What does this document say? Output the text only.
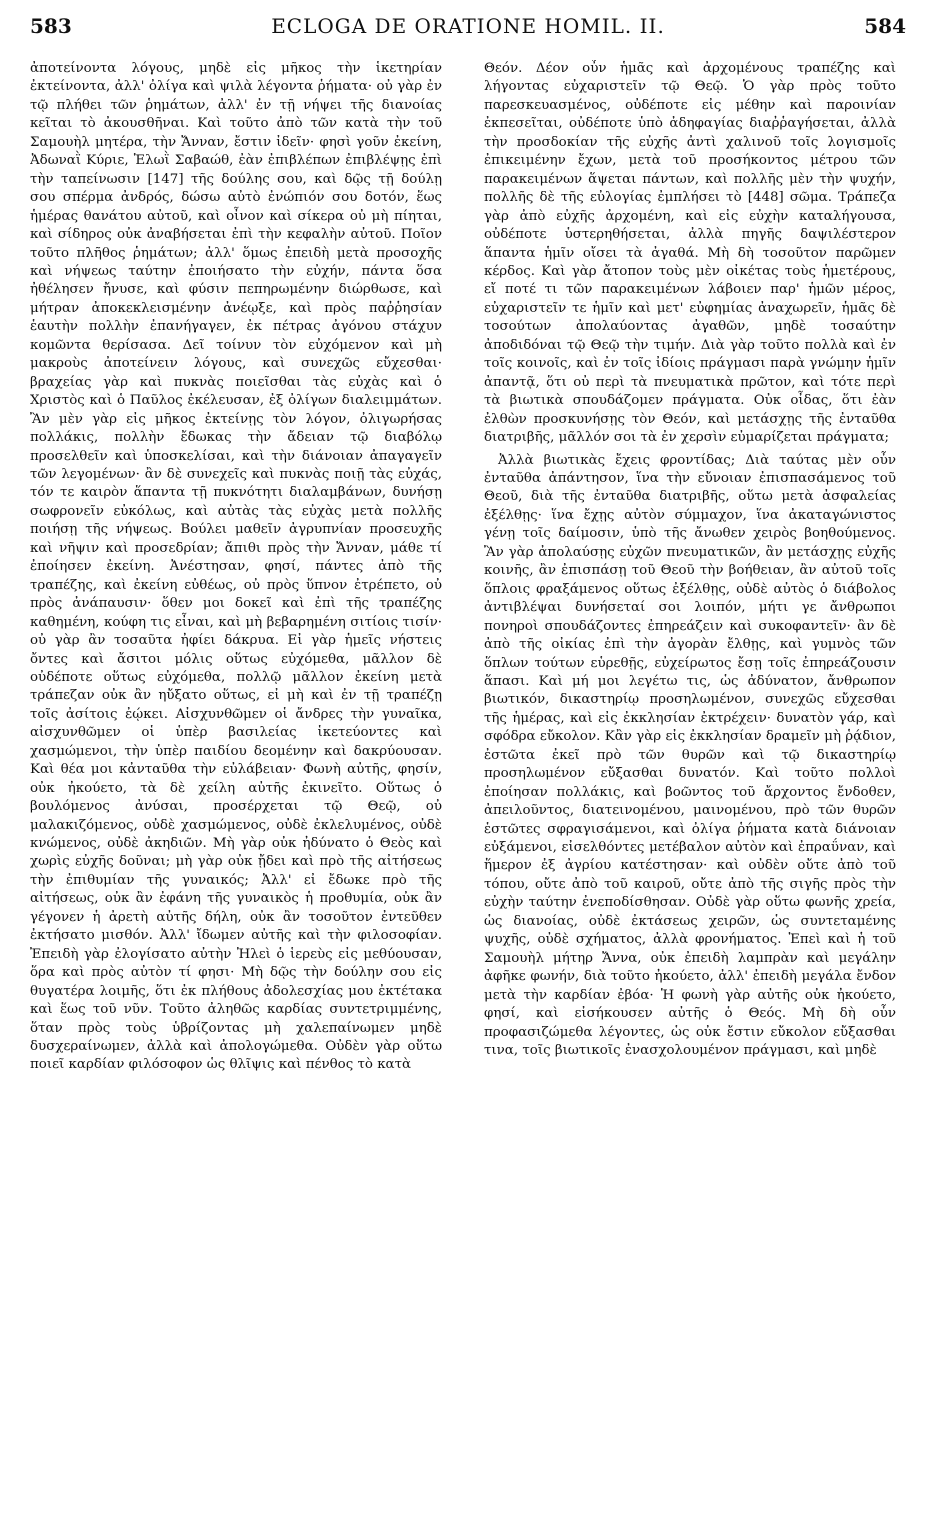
583	ECLOGA DE ORATIONE HOMIL. II.	584

ἀποτείνοντα λόγους, μηδὲ εἰς μῆκος τὴν ἱκετηρίαν ἐκτείνοντα, ἀλλ' ὀλίγα καὶ ψιλὰ λέγοντα ῥήματα· οὐ γὰρ ἐν τῷ πλήθει τῶν ῥημάτων, ἀλλ' ἐν τῇ νήψει τῆς διανοίας κεῖται τὸ ἀκουσθῆναι. Καὶ τοῦτο ἀπὸ τῶν κατὰ τὴν τοῦ Σαμουὴλ μητέρα, τὴν Ἄνναν, ἔστιν ἰδεῖν· φησὶ γοῦν ἐκείνη, Ἀδωναῒ Κύριε, Ἐλωῒ Σαβαώθ, ἐὰν ἐπιβλέπων ἐπιβλέψῃς ἐπὶ τὴν ταπείνωσιν [147] τῆς δούλης σου, καὶ δῷς τῇ δούλῃ σου σπέρμα ἀνδρός, δώσω αὐτὸ ἐνώπιόν σου δοτόν, ἕως ἡμέρας θανάτου αὐτοῦ, καὶ οἶνον καὶ σίκερα οὐ μὴ πίηται, καὶ σίδηρος οὐκ ἀναβήσεται ἐπὶ τὴν κεφαλὴν αὐτοῦ. Ποῖον τοῦτο πλῆθος ῥημάτων; ἀλλ' ὅμως ἐπειδὴ μετὰ προσοχῆς καὶ νήψεως ταύτην ἐποιήσατο τὴν εὐχήν, πάντα ὅσα ἠθέλησεν ἤνυσε, καὶ φύσιν πεπηρωμένην διώρθωσε, καὶ μήτραν ἀποκεκλεισμένην ἀνέῳξε, καὶ πρὸς παῤῥησίαν ἑαυτὴν πολλὴν ἐπανήγαγεν, ἐκ πέτρας ἀγόνου στάχυν κομῶντα θερίσασα. Δεῖ τοίνυν τὸν εὐχόμενον καὶ μὴ μακροὺς ἀποτείνειν λόγους, καὶ συνεχῶς εὔχεσθαι· βραχείας γὰρ καὶ πυκνὰς ποιεῖσθαι τὰς εὐχὰς καὶ ὁ Χριστὸς καὶ ὁ Παῦλος ἐκέλευσαν, ἐξ ὀλίγων διαλειμμάτων. Ἂν μὲν γὰρ εἰς μῆκος ἐκτείνῃς τὸν λόγον, ὀλιγωρήσας πολλάκις, πολλὴν ἔδωκας τὴν ἄδειαν τῷ διαβόλῳ προσελθεῖν καὶ ὑποσκελίσαι, καὶ τὴν διάνοιαν ἀπαγαγεῖν τῶν λεγομένων· ἂν δὲ συνεχεῖς καὶ πυκνὰς ποιῇ τὰς εὐχάς, τόν τε καιρὸν ἅπαντα τῇ πυκνότητι διαλαμβάνων, δυνήσῃ σωφρονεῖν εὐκόλως, καὶ αὐτὰς τὰς εὐχὰς μετὰ πολλῆς ποιήσῃ τῆς νήψεως. Βούλει μαθεῖν ἀγρυπνίαν προσευχῆς καὶ νῆψιν καὶ προσεδρίαν; ἄπιθι πρὸς τὴν Ἄνναν, μάθε τί ἐποίησεν ἐκείνη. Ἀνέστησαν, φησί, πάντες ἀπὸ τῆς τραπέζης, καὶ ἐκείνη εὐθέως, οὐ πρὸς ὕπνον ἐτρέπετο, οὐ πρὸς ἀνάπαυσιν· ὅθεν μοι δοκεῖ καὶ ἐπὶ τῆς τραπέζης καθημένη, κούφη τις εἶναι, καὶ μὴ βεβαρημένη σιτίοις τισίν· οὐ γὰρ ἂν τοσαῦτα ἠφίει δάκρυα. Εἰ γὰρ ἡμεῖς νήστεις ὄντες καὶ ἄσιτοι μόλις οὕτως εὐχόμεθα, μᾶλλον δὲ οὐδέποτε οὕτως εὐχόμεθα, πολλῷ μᾶλλον ἐκείνη μετὰ τράπεζαν οὐκ ἂν ηὔξατο οὕτως, εἰ μὴ καὶ ἐν τῇ τραπέζῃ τοῖς ἀσίτοις ἐῴκει. Αἰσχυνθῶμεν οἱ ἄνδρες τὴν γυναῖκα, αἰσχυνθῶμεν οἱ ὑπὲρ βασιλείας ἱκετεύοντες καὶ χασμώμενοι, τὴν ὑπὲρ παιδίου δεομένην καὶ δακρύουσαν. Καὶ θέα μοι κἀνταῦθα τὴν εὐλάβειαν· Φωνὴ αὐτῆς, φησίν, οὐκ ἠκούετο, τὰ δὲ χείλη αὐτῆς ἐκινεῖτο. Οὕτως ὁ βουλόμενος ἀνύσαι, προσέρχεται τῷ Θεῷ, οὐ μαλακιζόμενος, οὐδὲ χασμώμενος, οὐδὲ ἐκλελυμένος, οὐδὲ κνώμενος, οὐδὲ ἀκηδιῶν. Μὴ γὰρ οὐκ ἠδύνατο ὁ Θεὸς καὶ χωρὶς εὐχῆς δοῦναι; μὴ γὰρ οὐκ ᾔδει καὶ πρὸ τῆς αἰτήσεως τὴν ἐπιθυμίαν τῆς γυναικός; Ἀλλ' εἰ ἔδωκε πρὸ τῆς αἰτήσεως, οὐκ ἂν ἐφάνη τῆς γυναικὸς ἡ προθυμία, οὐκ ἂν γέγονεν ἡ ἀρετὴ αὐτῆς δήλη, οὐκ ἂν τοσοῦτον ἐντεῦθεν ἐκτήσατο μισθόν. Ἀλλ' ἴδωμεν αὐτῆς καὶ τὴν φιλοσοφίαν. Ἐπειδὴ γὰρ ἐλογίσατο αὐτὴν Ἠλεὶ ὁ ἱερεὺς εἰς μεθύουσαν, ὅρα καὶ πρὸς αὐτὸν τί φησι· Μὴ δῷς τὴν δούλην σου εἰς θυγατέρα λοιμῆς, ὅτι ἐκ πλήθους ἀδολεσχίας μου ἐκτέτακα καὶ ἕως τοῦ νῦν. Τοῦτο ἀληθῶς καρδίας συντετριμμένης, ὅταν πρὸς τοὺς ὑβρίζοντας μὴ χαλεπαίνωμεν μηδὲ δυσχεραίνωμεν, ἀλλὰ καὶ ἀπολογώμεθα. Οὐδὲν γὰρ οὕτω ποιεῖ καρδίαν φιλόσοφον ὡς θλῖψις καὶ πένθος τὸ κατὰ

Θεόν. Δέον οὖν ἡμᾶς καὶ ἀρχομένους τραπέζης καὶ λήγοντας εὐχαριστεῖν τῷ Θεῷ. Ὁ γὰρ πρὸς τοῦτο παρεσκευασμένος, οὐδέποτε εἰς μέθην καὶ παροινίαν ἐκπεσεῖται, οὐδέποτε ὑπὸ ἀδηφαγίας διαῤῥαγήσεται, ἀλλὰ τὴν προσδοκίαν τῆς εὐχῆς ἀντὶ χαλινοῦ τοῖς λογισμοῖς ἐπικειμένην ἔχων, μετὰ τοῦ προσήκοντος μέτρου τῶν παρακειμένων ἅψεται πάντων, καὶ πολλῆς μὲν τὴν ψυχήν, πολλῆς δὲ τῆς εὐλογίας ἐμπλήσει τὸ [448] σῶμα. Τράπεζα γὰρ ἀπὸ εὐχῆς ἀρχομένη, καὶ εἰς εὐχὴν καταλήγουσα, οὐδέποτε ὑστερηθήσεται, ἀλλὰ πηγῆς δαψιλέστερον ἅπαντα ἡμῖν οἴσει τὰ ἀγαθά. Μὴ δὴ τοσοῦτον παρῶμεν κέρδος. Καὶ γὰρ ἄτοπον τοὺς μὲν οἰκέτας τοὺς ἡμετέρους, εἴ ποτέ τι τῶν παρακειμένων λάβοιεν παρ' ἡμῶν μέρος, εὐχαριστεῖν τε ἡμῖν καὶ μετ' εὐφημίας ἀναχωρεῖν, ἡμᾶς δὲ τοσούτων ἀπολαύοντας ἀγαθῶν, μηδὲ τοσαύτην ἀποδιδόναι τῷ Θεῷ τὴν τιμήν. Διὰ γὰρ τοῦτο πολλὰ καὶ ἐν τοῖς κοινοῖς, καὶ ἐν τοῖς ἰδίοις πράγμασι παρὰ γνώμην ἡμῖν ἀπαντᾷ, ὅτι οὐ περὶ τὰ πνευματικὰ πρῶτον, καὶ τότε περὶ τὰ βιωτικὰ σπουδάζομεν πράγματα. Οὐκ οἶδας, ὅτι ἐὰν ἐλθὼν προσκυνήσῃς τὸν Θεόν, καὶ μετάσχῃς τῆς ἐνταῦθα διατριβῆς, μᾶλλόν σοι τὰ ἐν χερσὶν εὐμαρίζεται πράγματα;

Ἀλλὰ βιωτικὰς ἔχεις φροντίδας; Διὰ ταύτας μὲν οὖν ἐνταῦθα ἀπάντησον, ἵνα τὴν εὔνοιαν ἐπισπασάμενος τοῦ Θεοῦ, διὰ τῆς ἐνταῦθα διατριβῆς, οὕτω μετὰ ἀσφαλείας ἐξέλθῃς· ἵνα ἔχῃς αὐτὸν σύμμαχον, ἵνα ἀκαταγώνιστος γένῃ τοῖς δαίμοσιν, ὑπὸ τῆς ἄνωθεν χειρὸς βοηθούμενος. Ἂν γὰρ ἀπολαύσῃς εὐχῶν πνευματικῶν, ἂν μετάσχῃς εὐχῆς κοινῆς, ἂν ἐπισπάσῃ τοῦ Θεοῦ τὴν βοήθειαν, ἂν αὐτοῦ τοῖς ὅπλοις φραξάμενος οὕτως ἐξέλθῃς, οὐδὲ αὐτὸς ὁ διάβολος ἀντιβλέψαι δυνήσεταί σοι λοιπόν, μήτι γε ἄνθρωποι πονηροὶ σπουδάζοντες ἐπηρεάζειν καὶ συκοφαντεῖν· ἂν δὲ ἀπὸ τῆς οἰκίας ἐπὶ τὴν ἀγορὰν ἔλθῃς, καὶ γυμνὸς τῶν ὅπλων τούτων εὑρεθῇς, εὐχείρωτος ἔσῃ τοῖς ἐπηρεάζουσιν ἅπασι. Καὶ μή μοι λεγέτω τις, ὡς ἀδύνατον, ἄνθρωπον βιωτικόν, δικαστηρίῳ προσηλωμένον, συνεχῶς εὔχεσθαι τῆς ἡμέρας, καὶ εἰς ἐκκλησίαν ἐκτρέχειν· δυνατὸν γάρ, καὶ σφόδρα εὔκολον. Κἂν γὰρ εἰς ἐκκλησίαν δραμεῖν μὴ ῥᾴδιον, ἐστῶτα ἐκεῖ πρὸ τῶν θυρῶν καὶ τῷ δικαστηρίῳ προσηλωμένον εὔξασθαι δυνατόν. Καὶ τοῦτο πολλοὶ ἐποίησαν πολλάκις, καὶ βοῶντος τοῦ ἄρχοντος ἔνδοθεν, ἀπειλοῦντος, διατεινομένου, μαινομένου, πρὸ τῶν θυρῶν ἑστῶτες σφραγισάμενοι, καὶ ὀλίγα ῥήματα κατὰ διάνοιαν εὐξάμενοι, εἰσελθόντες μετέβαλον αὐτὸν καὶ ἐπραΰναν, καὶ ἥμερον ἐξ ἀγρίου κατέστησαν· καὶ οὐδὲν οὔτε ἀπὸ τοῦ τόπου, οὔτε ἀπὸ τοῦ καιροῦ, οὔτε ἀπὸ τῆς σιγῆς πρὸς τὴν εὐχὴν ταύτην ἐνεποδίσθησαν. Οὐδὲ γὰρ οὕτω φωνῆς χρεία, ὡς διανοίας, οὐδὲ ἐκτάσεως χειρῶν, ὡς συντεταμένης ψυχῆς, οὐδὲ σχήματος, ἀλλὰ φρονήματος. Ἐπεὶ καὶ ἡ τοῦ Σαμουὴλ μήτηρ Ἄννα, οὐκ ἐπειδὴ λαμπρὰν καὶ μεγάλην ἀφῆκε φωνήν, διὰ τοῦτο ἠκούετο, ἀλλ' ἐπειδὴ μεγάλα ἔνδον μετὰ τὴν καρδίαν ἐβόα· Ἡ φωνὴ γὰρ αὐτῆς οὐκ ἠκούετο, φησί, καὶ εἰσήκουσεν αὐτῆς ὁ Θεός. Μὴ δὴ οὖν προφασιζώμεθα λέγοντες, ὡς οὐκ ἔστιν εὔκολον εὔξασθαι τινα, τοῖς βιωτικοῖς ἐνασχολουμένον πράγμασι, καὶ μηδὲ
